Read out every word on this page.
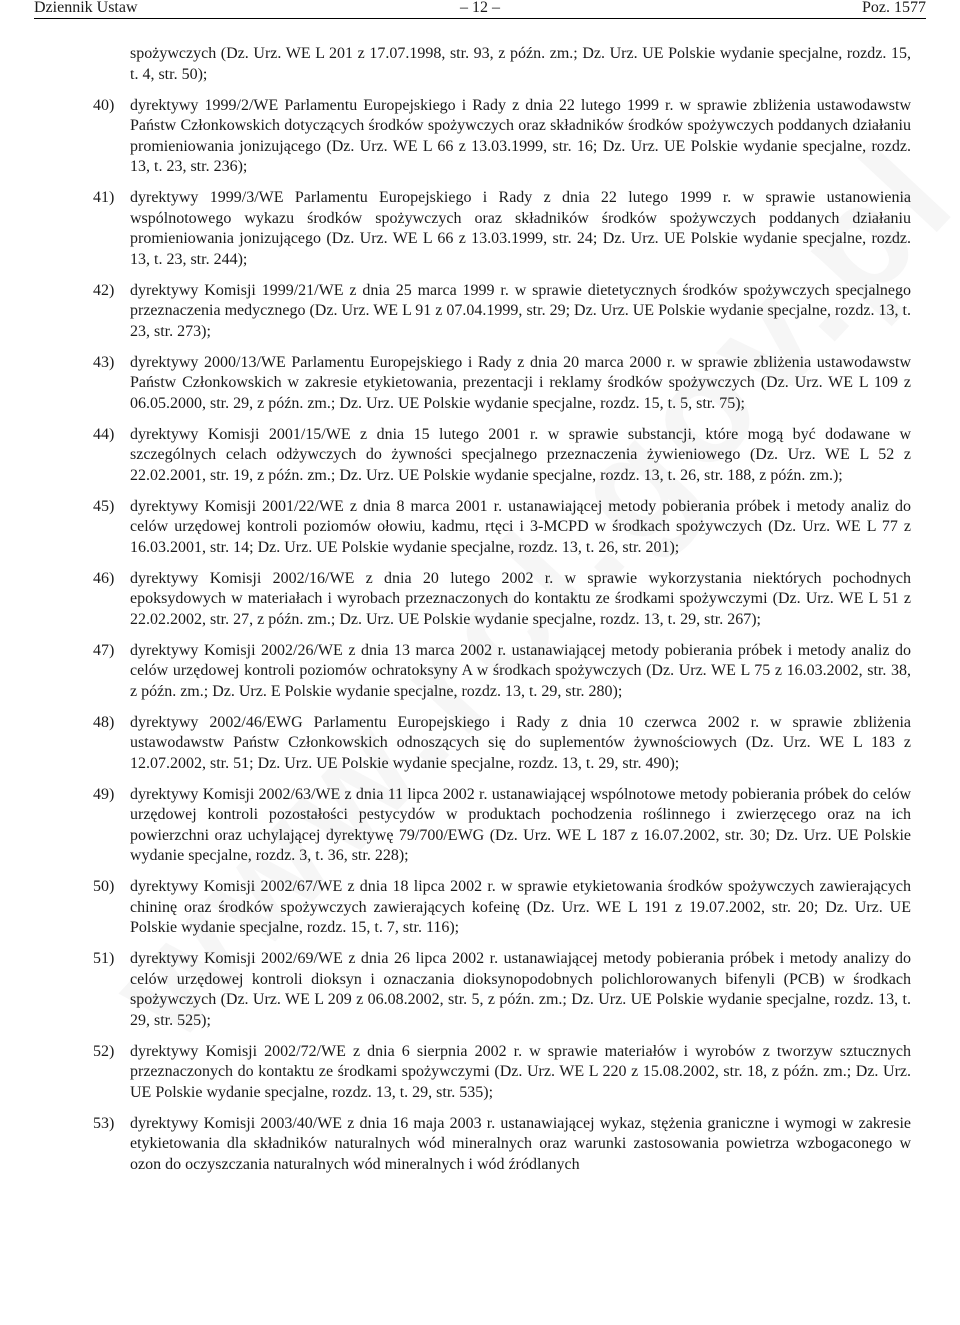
Dziennik Ustaw	– 12 –	Poz. 1577

spożywczych (Dz. Urz. WE L 201 z 17.07.1998, str. 93, z późn. zm.; Dz. Urz. UE Polskie wydanie specjalne, rozdz. 15, t. 4, str. 50);

40) dyrektywy 1999/2/WE Parlamentu Europejskiego i Rady z dnia 22 lutego 1999 r. w sprawie zbliżenia ustawodawstw Państw Członkowskich dotyczących środków spożywczych oraz składników środków spożywczych poddanych działaniu promieniowania jonizującego (Dz. Urz. WE L 66 z 13.03.1999, str. 16; Dz. Urz. UE Polskie wydanie specjalne, rozdz. 13, t. 23, str. 236);
41) dyrektywy 1999/3/WE Parlamentu Europejskiego i Rady z dnia 22 lutego 1999 r. w sprawie ustanowienia wspólnotowego wykazu środków spożywczych oraz składników środków spożywczych poddanych działaniu promieniowania jonizującego (Dz. Urz. WE L 66 z 13.03.1999, str. 24; Dz. Urz. UE Polskie wydanie specjalne, rozdz. 13, t. 23, str. 244);
42) dyrektywy Komisji 1999/21/WE z dnia 25 marca 1999 r. w sprawie dietetycznych środków spożywczych specjalnego przeznaczenia medycznego (Dz. Urz. WE L 91 z 07.04.1999, str. 29; Dz. Urz. UE Polskie wydanie specjalne, rozdz. 13, t. 23, str. 273);
43) dyrektywy 2000/13/WE Parlamentu Europejskiego i Rady z dnia 20 marca 2000 r. w sprawie zbliżenia ustawodawstw Państw Członkowskich w zakresie etykietowania, prezentacji i reklamy środków spożywczych (Dz. Urz. WE L 109 z 06.05.2000, str. 29, z późn. zm.; Dz. Urz. UE Polskie wydanie specjalne, rozdz. 15, t. 5, str. 75);
44) dyrektywy Komisji 2001/15/WE z dnia 15 lutego 2001 r. w sprawie substancji, które mogą być dodawane w szczególnych celach odżywczych do żywności specjalnego przeznaczenia żywieniowego (Dz. Urz. WE L 52 z 22.02.2001, str. 19, z późn. zm.; Dz. Urz. UE Polskie wydanie specjalne, rozdz. 13, t. 26, str. 188, z późn. zm.);
45) dyrektywy Komisji 2001/22/WE z dnia 8 marca 2001 r. ustanawiającej metody pobierania próbek i metody analiz do celów urzędowej kontroli poziomów ołowiu, kadmu, rtęci i 3-MCPD w środkach spożywczych (Dz. Urz. WE L 77 z 16.03.2001, str. 14; Dz. Urz. UE Polskie wydanie specjalne, rozdz. 13, t. 26, str. 201);
46) dyrektywy Komisji 2002/16/WE z dnia 20 lutego 2002 r. w sprawie wykorzystania niektórych pochodnych epoksydowych w materiałach i wyrobach przeznaczonych do kontaktu ze środkami spożywczymi (Dz. Urz. WE L 51 z 22.02.2002, str. 27, z późn. zm.; Dz. Urz. UE Polskie wydanie specjalne, rozdz. 13, t. 29, str. 267);
47) dyrektywy Komisji 2002/26/WE z dnia 13 marca 2002 r. ustanawiającej metody pobierania próbek i metody analiz do celów urzędowej kontroli poziomów ochratoksyny A w środkach spożywczych (Dz. Urz. WE L 75 z 16.03.2002, str. 38, z późn. zm.; Dz. Urz. E Polskie wydanie specjalne, rozdz. 13, t. 29, str. 280);
48) dyrektywy 2002/46/EWG Parlamentu Europejskiego i Rady z dnia 10 czerwca 2002 r. w sprawie zbliżenia ustawodawstw Państw Członkowskich odnoszących się do suplementów żywnościowych (Dz. Urz. WE L 183 z 12.07.2002, str. 51; Dz. Urz. UE Polskie wydanie specjalne, rozdz. 13, t. 29, str. 490);
49) dyrektywy Komisji 2002/63/WE z dnia 11 lipca 2002 r. ustanawiającej wspólnotowe metody pobierania próbek do celów urzędowej kontroli pozostałości pestycydów w produktach pochodzenia roślinnego i zwierzęcego oraz na ich powierzchni oraz uchylającej dyrektywę 79/700/EWG (Dz. Urz. WE L 187 z 16.07.2002, str. 30; Dz. Urz. UE Polskie wydanie specjalne, rozdz. 3, t. 36, str. 228);
50) dyrektywy Komisji 2002/67/WE z dnia 18 lipca 2002 r. w sprawie etykietowania środków spożywczych zawierających chininę oraz środków spożywczych zawierających kofeinę (Dz. Urz. WE L 191 z 19.07.2002, str. 20; Dz. Urz. UE Polskie wydanie specjalne, rozdz. 15, t. 7, str. 116);
51) dyrektywy Komisji 2002/69/WE z dnia 26 lipca 2002 r. ustanawiającej metody pobierania próbek i metody analizy do celów urzędowej kontroli dioksyn i oznaczania dioksynopodobnych polichlorowanych bifenyli (PCB) w środkach spożywczych (Dz. Urz. WE L 209 z 06.08.2002, str. 5, z późn. zm.; Dz. Urz. UE Polskie wydanie specjalne, rozdz. 13, t. 29, str. 525);
52) dyrektywy Komisji 2002/72/WE z dnia 6 sierpnia 2002 r. w sprawie materiałów i wyrobów z tworzyw sztucznych przeznaczonych do kontaktu ze środkami spożywczymi (Dz. Urz. WE L 220 z 15.08.2002, str. 18, z późn. zm.; Dz. Urz. UE Polskie wydanie specjalne, rozdz. 13, t. 29, str. 535);
53) dyrektywy Komisji 2003/40/WE z dnia 16 maja 2003 r. ustanawiającej wykaz, stężenia graniczne i wymogi w zakresie etykietowania dla składników naturalnych wód mineralnych oraz warunki zastosowania powietrza wzbogaconego w ozon do oczyszczania naturalnych wód mineralnych i wód źródlanych
